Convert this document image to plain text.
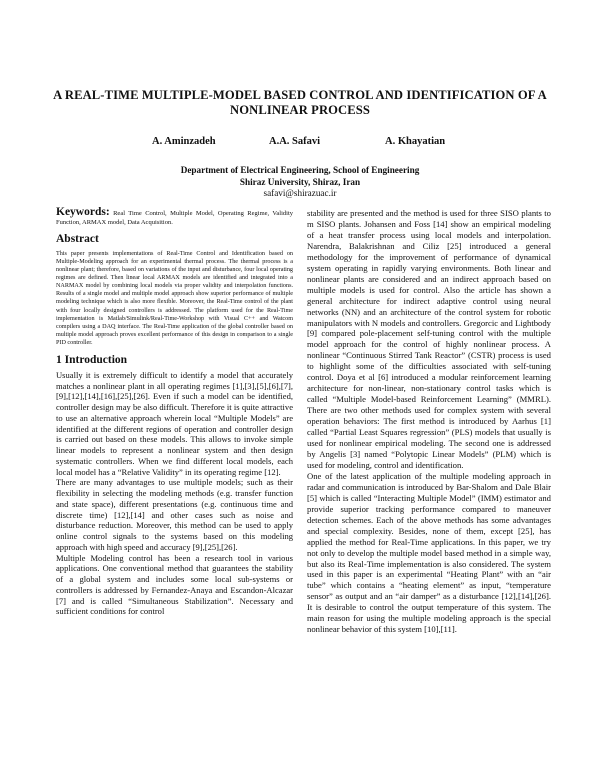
A REAL-TIME MULTIPLE-MODEL BASED CONTROL AND IDENTIFICATION OF A NONLINEAR PROCESS
A. Aminzadeh	A.A. Safavi	A. Khayatian
Department of Electrical Engineering, School of Engineering
Shiraz University, Shiraz, Iran
safavi@shirazuac.ir

Keywords: Real Time Control, Multiple Model, Operating Regime, Validity Function, ARMAX model, Data Acquisition.

Abstract

This paper presents implementations of Real-Time Control and Identification based on Multiple-Modeling approach for an experimental thermal process. The thermal process is a nonlinear plant; therefore, based on variations of the input and disturbance, four local operating regimes are defined. Then linear local ARMAX models are identified and integrated into a NARMAX model by combining local models via proper validity and interpolation functions. Results of a single model and multiple model approach show superior performance of multiple modeling technique which is also more flexible. Moreover, the Real-Time control of the plant with four locally designed controllers is addressed. The platform used for the Real-Time implementation is Matlab/Simulink/Real-Time-Workshop with Visual C++ and Watcom compilers using a DAQ interface. The Real-Time application of the global controller based on multiple model approach proves excellent performance of this design in comparison to a single PID controller.

1 Introduction

Usually it is extremely difficult to identify a model that accurately matches a nonlinear plant in all operating regimes [1],[3],[5],[6],[7],[9],[12],[14],[16],[25],[26]. Even if such a model can be identified, controller design may be also difficult. Therefore it is quite attractive to use an alternative approach wherein local “Multiple Models” are identified at the different regions of operation and controller design is carried out based on these models. This allows to invoke simple linear models to represent a nonlinear system and then design systematic controllers. When we find different local models, each local model has a “Relative Validity” in its operating regime [12].

There are many advantages to use multiple models; such as their flexibility in selecting the modeling methods (e.g. transfer function and state space), different presentations (e.g. continuous time and discrete time) [12],[14] and other cases such as noise and disturbance reduction. Moreover, this method can be used to apply online control signals to the systems based on this modeling approach with high speed and accuracy [9],[25],[26].

Multiple Modeling control has been a research tool in various applications. One conventional method that guarantees the stability of a global system and includes some local sub-systems or controllers is addressed by Fernandez-Anaya and Escandon-Alcazar [7] and is called “Simultaneous Stabilization”. Necessary and sufficient conditions for control

stability are presented and the method is used for three SISO plants to m SISO plants. Johansen and Foss [14] show an empirical modeling of a heat transfer process using local models and interpolation. Narendra, Balakrishnan and Ciliz [25] introduced a general methodology for the improvement of performance of dynamical system operating in rapidly varying environments. Both linear and nonlinear plants are considered and an indirect approach based on multiple models is used for control. Also the article has shown a general architecture for indirect adaptive control using neural networks (NN) and an architecture of the control system for robotic manipulators with N models and controllers. Gregorcic and Lightbody [9] compared pole-placement self-tuning control with the multiple model approach for the control of highly nonlinear process. A nonlinear “Continuous Stirred Tank Reactor” (CSTR) process is used to highlight some of the difficulties associated with self-tuning control. Doya et al [6] introduced a modular reinforcement learning architecture for non-linear, non-stationary control tasks which is called “Multiple Model-based Reinforcement Learning” (MMRL). There are two other methods used for complex system with several operation behaviors: The first method is introduced by Aarhus [1] called “Partial Least Squares regression” (PLS) models that usually is used for nonlinear empirical modeling. The second one is addressed by Angelis [3] named “Polytopic Linear Models” (PLM) which is used for modeling, control and identification.

One of the latest application of the multiple modeling approach in radar and communication is introduced by Bar-Shalom and Dale Blair [5] which is called “Interacting Multiple Model” (IMM) estimator and provide superior tracking performance compared to maneuver detection schemes. Each of the above methods has some advantages and special complexity. Besides, none of them, except [25], has applied the method for Real-Time applications. In this paper, we try not only to develop the multiple model based method in a simple way, but also its Real-Time implementation is also considered. The system used in this paper is an experimental “Heating Plant” with an “air tube” which contains a “heating element” as input, “temperature sensor” as output and an “air damper” as a disturbance [12],[14],[26]. It is desirable to control the output temperature of this system. The main reason for using the multiple modeling approach is the special nonlinear behavior of this system [10],[11].
